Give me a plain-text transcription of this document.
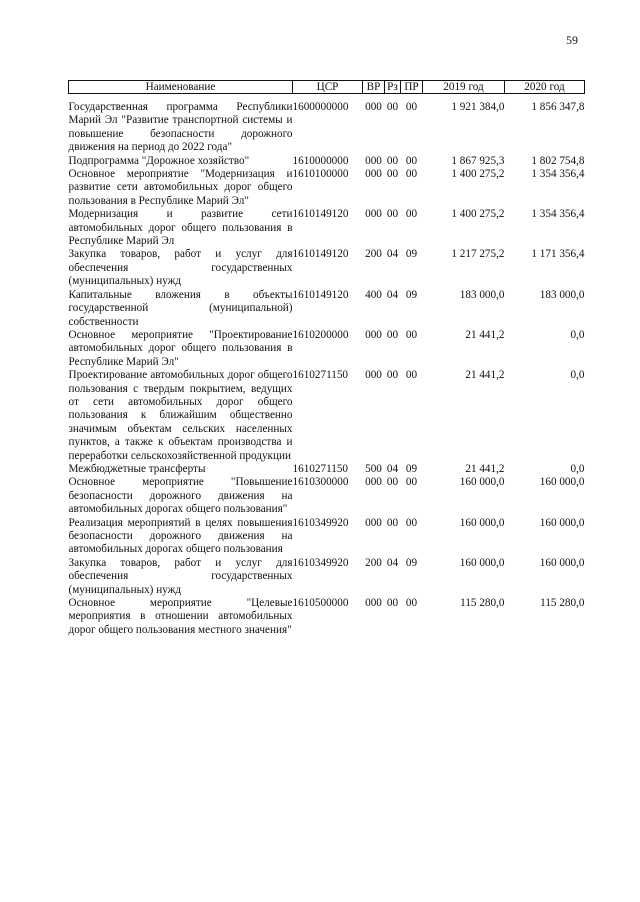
59
Наименование	ЦСР	ВР	Рз	ПР	2019 год	2020 год

Государственная программа Республики Марий Эл "Развитие транспортной системы и повышение безопасности дорожного движения на период до 2022 года"	1600000000	000	00	00	1 921 384,0	1 856 347,8
Подпрограмма "Дорожное хозяйство"	1610000000	000	00	00	1 867 925,3	1 802 754,8
Основное мероприятие "Модернизация и развитие сети автомобильных дорог общего пользования в Республике Марий Эл"	1610100000	000	00	00	1 400 275,2	1 354 356,4
Модернизация и развитие сети автомобильных дорог общего пользования в Республике Марий Эл	1610149120	000	00	00	1 400 275,2	1 354 356,4
Закупка товаров, работ и услуг для обеспечения государственных (муниципальных) нужд	1610149120	200	04	09	1 217 275,2	1 171 356,4
Капитальные вложения в объекты государственной (муниципальной) собственности	1610149120	400	04	09	183 000,0	183 000,0
Основное мероприятие "Проектирование автомобильных дорог общего пользования в Республике Марий Эл"	1610200000	000	00	00	21 441,2	0,0
Проектирование автомобильных дорог общего пользования с твердым покрытием, ведущих от сети автомобильных дорог общего пользования к ближайшим общественно значимым объектам сельских населенных пунктов, а также к объектам производства и переработки сельскохозяйственной продукции	1610271150	000	00	00	21 441,2	0,0
Межбюджетные трансферты	1610271150	500	04	09	21 441,2	0,0
Основное мероприятие "Повышение безопасности дорожного движения на автомобильных дорогах общего пользования"	1610300000	000	00	00	160 000,0	160 000,0
Реализация мероприятий в целях повышения безопасности дорожного движения на автомобильных дорогах общего пользования	1610349920	000	00	00	160 000,0	160 000,0
Закупка товаров, работ и услуг для обеспечения государственных (муниципальных) нужд	1610349920	200	04	09	160 000,0	160 000,0
Основное мероприятие "Целевые мероприятия в отношении автомобильных дорог общего пользования местного значения"	1610500000	000	00	00	115 280,0	115 280,0
